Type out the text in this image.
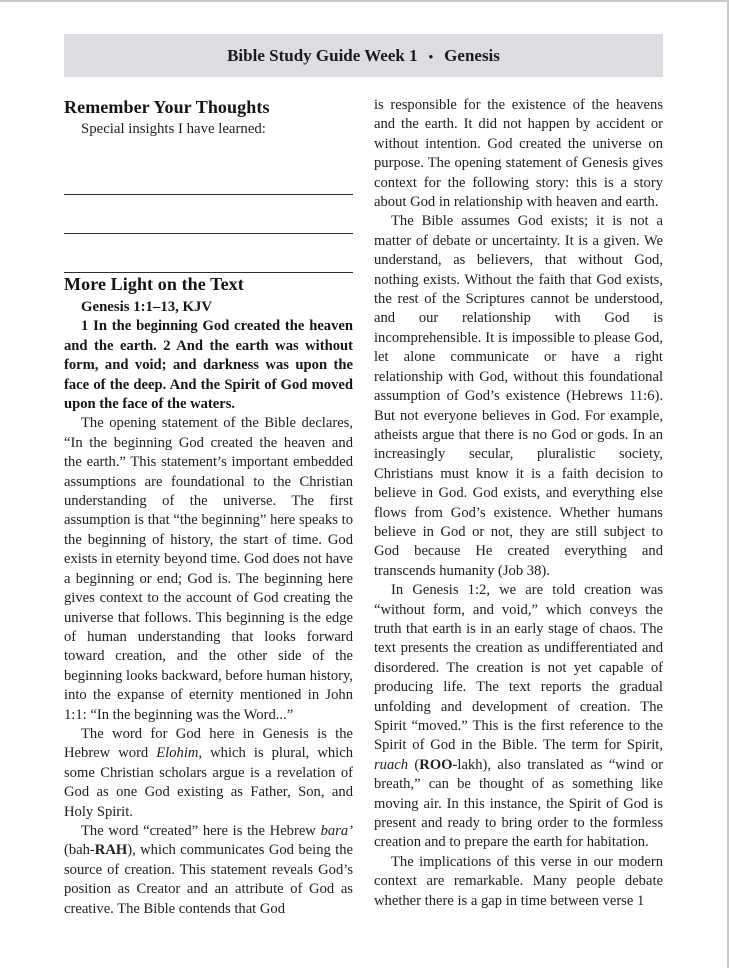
Bible Study Guide Week 1 • Genesis
Remember Your Thoughts

Special insights I have learned:

More Light on the Text

Genesis 1:1–13, KJV

1 In the beginning God created the heaven and the earth. 2 And the earth was without form, and void; and darkness was upon the face of the deep. And the Spirit of God moved upon the face of the waters.

The opening statement of the Bible declares, “In the beginning God created the heaven and the earth.” This statement’s important embedded assumptions are foundational to the Christian understanding of the universe. The first assumption is that “the beginning” here speaks to the beginning of history, the start of time. God exists in eternity beyond time. God does not have a beginning or end; God is. The beginning here gives context to the account of God creating the universe that follows. This beginning is the edge of human understanding that looks forward toward creation, and the other side of the beginning looks backward, before human history, into the expanse of eternity mentioned in John 1:1: “In the beginning was the Word...”

The word for God here in Genesis is the Hebrew word Elohim, which is plural, which some Christian scholars argue is a revelation of God as one God existing as Father, Son, and Holy Spirit.

The word “created” here is the Hebrew bara’ (bah-RAH), which communicates God being the source of creation. This statement reveals God’s position as Creator and an attribute of God as creative. The Bible contends that God

is responsible for the existence of the heavens and the earth. It did not happen by accident or without intention. God created the universe on purpose. The opening statement of Genesis gives context for the following story: this is a story about God in relationship with heaven and earth.

The Bible assumes God exists; it is not a matter of debate or uncertainty. It is a given. We understand, as believers, that without God, nothing exists. Without the faith that God exists, the rest of the Scriptures cannot be understood, and our relationship with God is incomprehensible. It is impossible to please God, let alone communicate or have a right relationship with God, without this foundational assumption of God’s existence (Hebrews 11:6). But not everyone believes in God. For example, atheists argue that there is no God or gods. In an increasingly secular, pluralistic society, Christians must know it is a faith decision to believe in God. God exists, and everything else flows from God’s existence. Whether humans believe in God or not, they are still subject to God because He created everything and transcends humanity (Job 38).

In Genesis 1:2, we are told creation was “without form, and void,” which conveys the truth that earth is in an early stage of chaos. The text presents the creation as undifferentiated and disordered. The creation is not yet capable of producing life. The text reports the gradual unfolding and development of creation. The Spirit “moved.” This is the first reference to the Spirit of God in the Bible. The term for Spirit, ruach (ROO-lakh), also translated as “wind or breath,” can be thought of as something like moving air. In this instance, the Spirit of God is present and ready to bring order to the formless creation and to prepare the earth for habitation.

The implications of this verse in our modern context are remarkable. Many people debate whether there is a gap in time between verse 1
